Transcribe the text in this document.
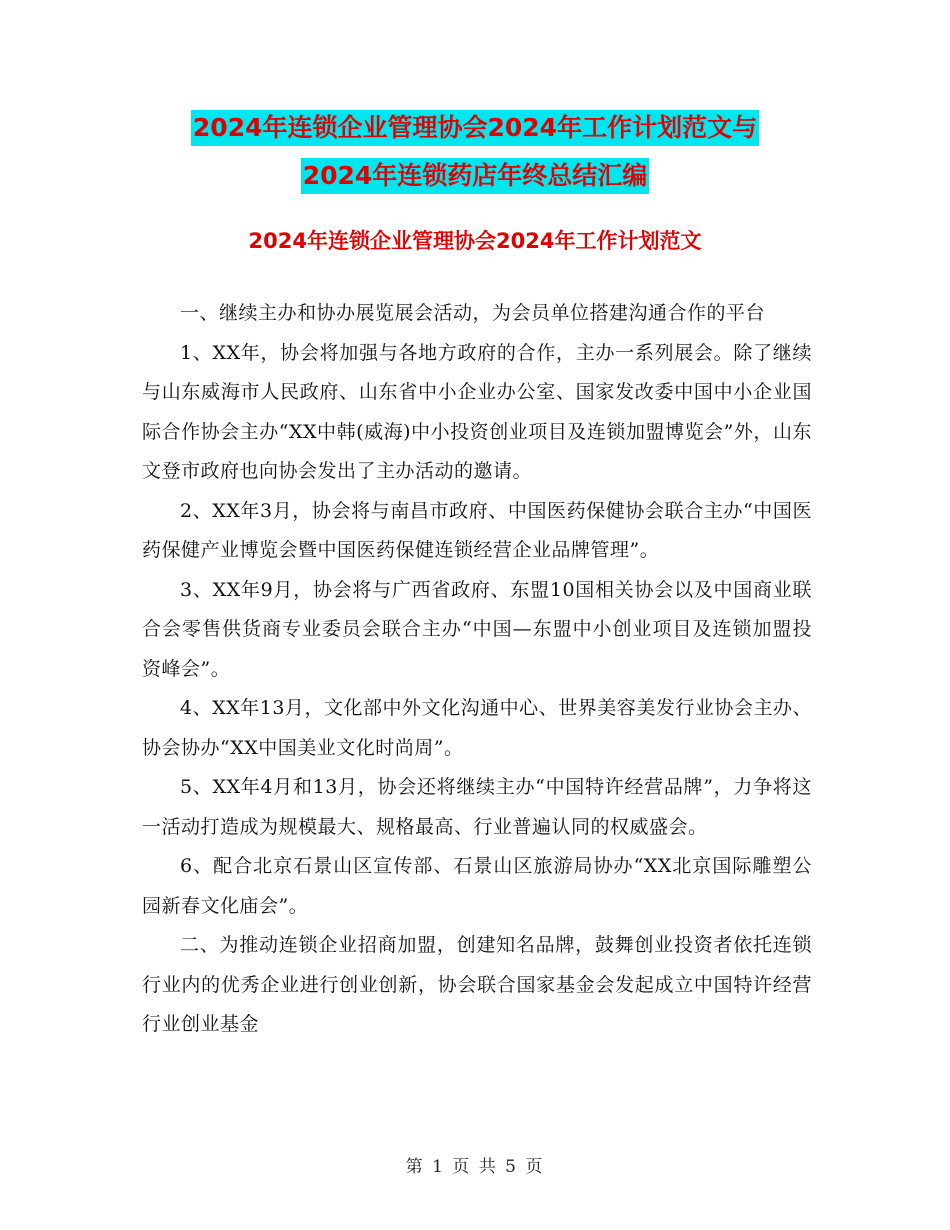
2024年连锁企业管理协会2024年工作计划范文与
2024年连锁药店年终总结汇编
2024年连锁企业管理协会2024年工作计划范文

一、继续主办和协办展览展会活动，为会员单位搭建沟通合作的平台

1、XX年，协会将加强与各地方政府的合作，主办一系列展会。除了继续与山东威海市人民政府、山东省中小企业办公室、国家发改委中国中小企业国际合作协会主办“XX中韩(威海)中小投资创业项目及连锁加盟博览会”外，山东文登市政府也向协会发出了主办活动的邀请。

2、XX年3月，协会将与南昌市政府、中国医药保健协会联合主办“中国医药保健产业博览会暨中国医药保健连锁经营企业品牌管理”。

3、XX年9月，协会将与广西省政府、东盟10国相关协会以及中国商业联合会零售供货商专业委员会联合主办“中国—东盟中小创业项目及连锁加盟投资峰会”。

4、XX年13月，文化部中外文化沟通中心、世界美容美发行业协会主办、协会协办“XX中国美业文化时尚周”。

5、XX年4月和13月，协会还将继续主办“中国特许经营品牌”，力争将这一活动打造成为规模最大、规格最高、行业普遍认同的权威盛会。

6、配合北京石景山区宣传部、石景山区旅游局协办“XX北京国际雕塑公园新春文化庙会”。

二、为推动连锁企业招商加盟，创建知名品牌，鼓舞创业投资者依托连锁行业内的优秀企业进行创业创新，协会联合国家基金会发起成立中国特许经营行业创业基金

第 1 页 共 5 页
